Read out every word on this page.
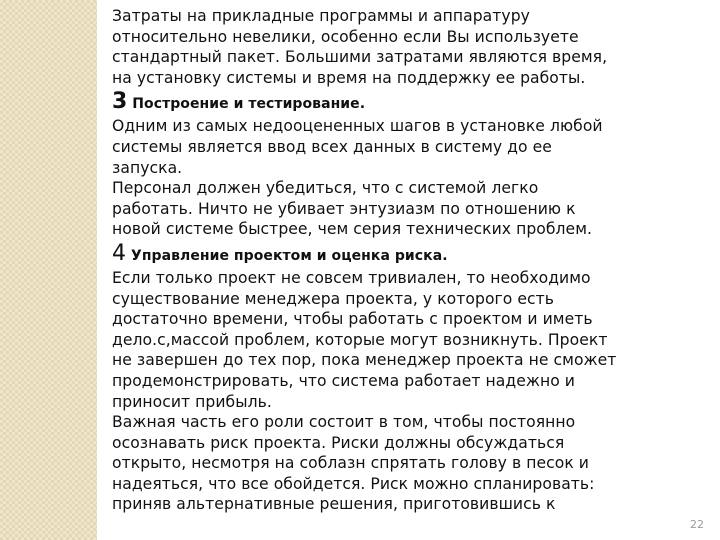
Затраты на прикладные программы и аппаратуру

относительно невелики, особенно если Вы используете

стандартный пакет. Большими затратами являются время,

на установку системы и время на поддержку ее работы.

3 Построение и тестирование.

Одним из самых недооцененных шагов в установке любой

системы является ввод всех данных в систему до ее

запуска.

Персонал должен убедиться, что с системой легко

работать. Ничто не убивает энтузиазм по отношению к

новой системе быстрее, чем серия технических проблем.

4 Управление проектом и оценка риска.

Если только проект не совсем тривиален, то необходимо

существование менеджера проекта, у которого есть

достаточно времени, чтобы работать с проектом и иметь

дело.с,массой проблем, которые могут возникнуть. Проект

не завершен до тех пор, пока менеджер проекта не сможет

продемонстрировать, что система работает надежно и

приносит прибыль.

Важная часть его роли состоит в том, чтобы постоянно

осознавать риск проекта. Риски должны обсуждаться

открыто, несмотря на соблазн спрятать голову в песок и

надеяться, что все обойдется. Риск можно спланировать:

приняв альтернативные решения, приготовившись к

22
